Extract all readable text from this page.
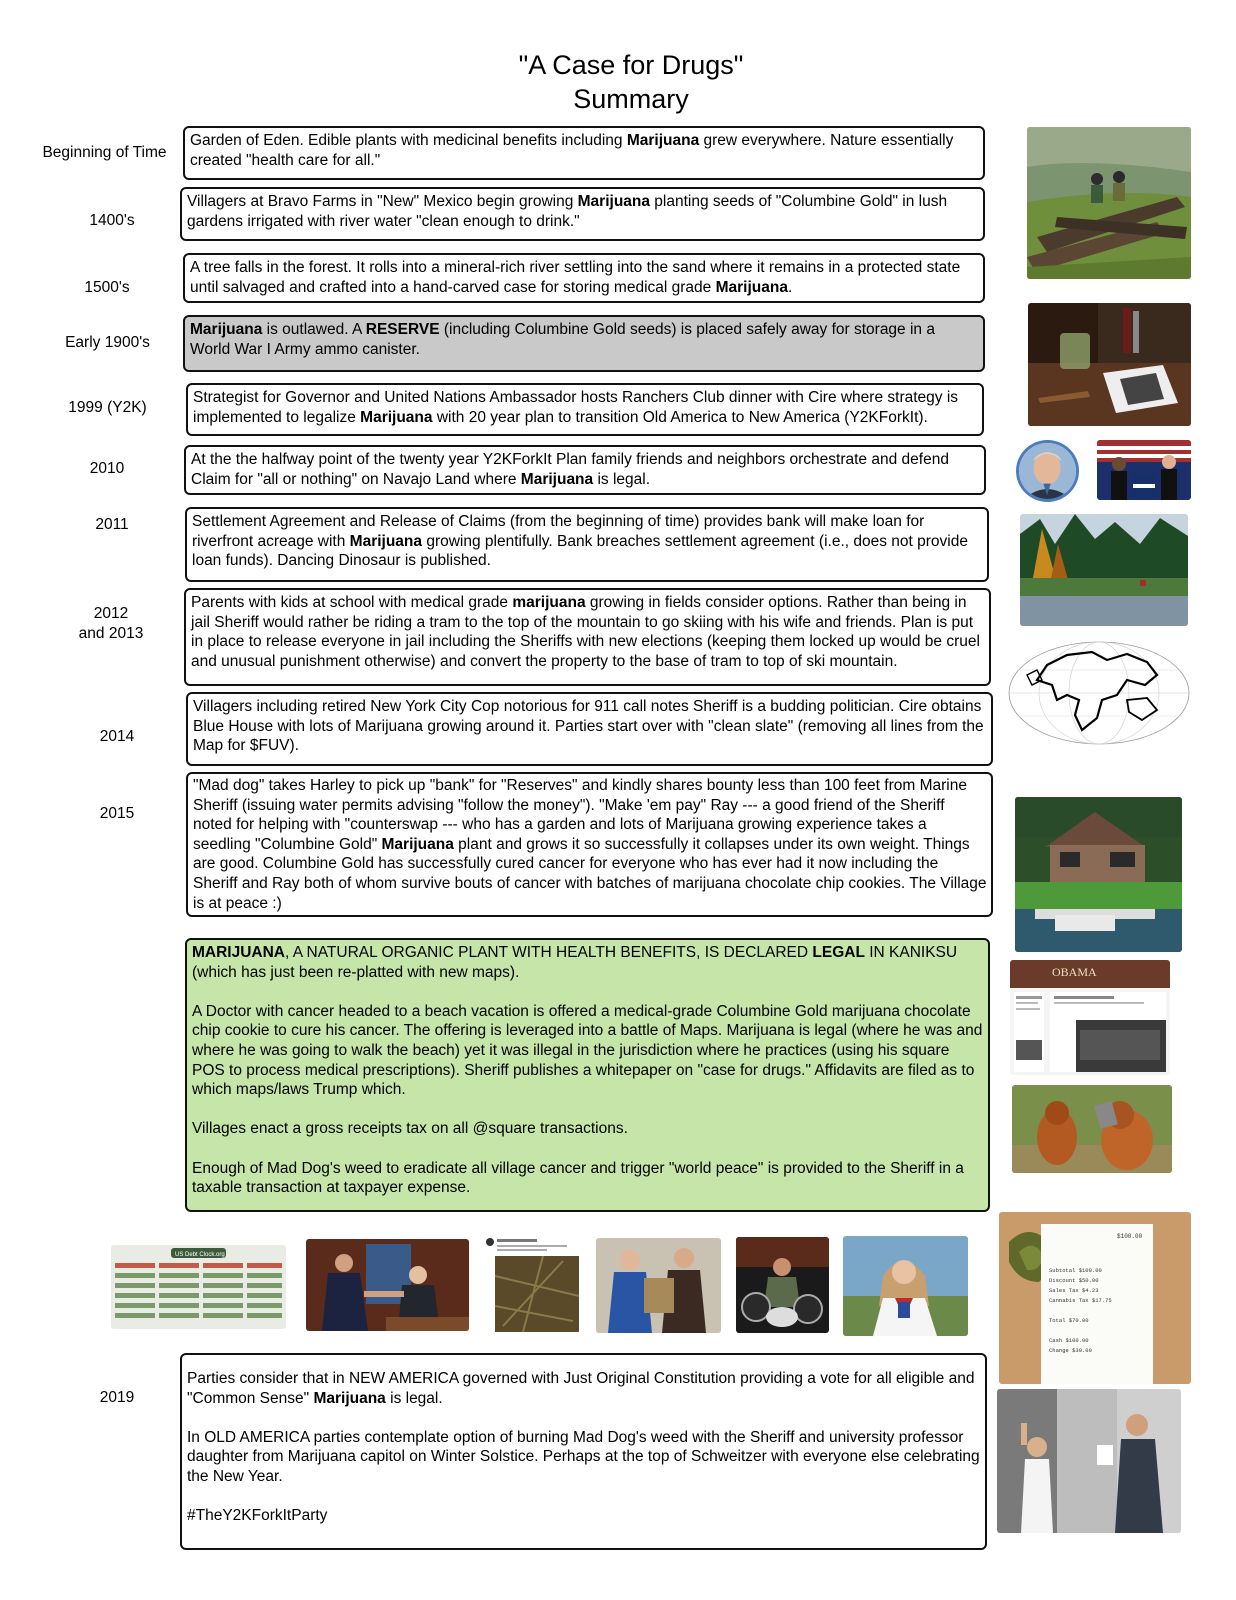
"A Case for Drugs"
Summary
Beginning of Time
1400's
1500's
Early 1900's
1999 (Y2K)
2010
2011
2012
and 2013
2014
2015
2019

Garden of Eden. Edible plants with medicinal benefits including Marijuana grew everywhere. Nature essentially created "health care for all."

Villagers at Bravo Farms in "New" Mexico begin growing Marijuana planting seeds of "Columbine Gold" in lush gardens irrigated with river water "clean enough to drink."

A tree falls in the forest. It rolls into a mineral-rich river settling into the sand where it remains in a protected state until salvaged and crafted into a hand-carved case for storing medical grade Marijuana.

Marijuana is outlawed. A RESERVE (including Columbine Gold seeds) is placed safely away for storage in a World War I Army ammo canister.

Strategist for Governor and United Nations Ambassador hosts Ranchers Club dinner with Cire where strategy is implemented to legalize Marijuana with 20 year plan to transition Old America to New America (Y2KForkIt).

At the the halfway point of the twenty year Y2KForkIt Plan family friends and neighbors orchestrate and defend Claim for "all or nothing" on Navajo Land where Marijuana is legal.

Settlement Agreement and Release of Claims (from the beginning of time) provides bank will make loan for riverfront acreage with Marijuana growing plentifully. Bank breaches settlement agreement (i.e., does not provide loan funds). Dancing Dinosaur is published.

Parents with kids at school with medical grade marijuana growing in fields consider options. Rather than being in jail Sheriff would rather be riding a tram to the top of the mountain to go skiing with his wife and friends. Plan is put in place to release everyone in jail including the Sheriffs with new elections (keeping them locked up would be cruel and unusual punishment otherwise) and convert the property to the base of tram to top of ski mountain.

Villagers including retired New York City Cop notorious for 911 call notes Sheriff is a budding politician. Cire obtains Blue House with lots of Marijuana growing around it. Parties start over with "clean slate" (removing all lines from the Map for $FUV).

"Mad dog" takes Harley to pick up "bank" for "Reserves" and kindly shares bounty less than 100 feet from Marine Sheriff (issuing water permits advising "follow the money"). "Make 'em pay" Ray --- a good friend of the Sheriff noted for helping with "counterswap --- who has a garden and lots of Marijuana growing experience takes a seedling "Columbine Gold" Marijuana plant and grows it so successfully it collapses under its own weight. Things are good. Columbine Gold has successfully cured cancer for everyone who has ever had it now including the Sheriff and Ray both of whom survive bouts of cancer with batches of marijuana chocolate chip cookies. The Village is at peace :)

MARIJUANA, A NATURAL ORGANIC PLANT WITH HEALTH BENEFITS, IS DECLARED LEGAL IN KANIKSU (which has just been re-platted with new maps).

A Doctor with cancer headed to a beach vacation is offered a medical-grade Columbine Gold marijuana chocolate chip cookie to cure his cancer. The offering is leveraged into a battle of Maps. Marijuana is legal (where he was and where he was going to walk the beach) yet it was illegal in the jurisdiction where he practices (using his square POS to process medical prescriptions). Sheriff publishes a whitepaper on "case for drugs." Affidavits are filed as to which maps/laws Trump which.

Villages enact a gross receipts tax on all @square transactions.

Enough of Mad Dog's weed to eradicate all village cancer and trigger "world peace" is provided to the Sheriff in a taxable transaction at taxpayer expense.

Parties consider that in NEW AMERICA governed with Just Original Constitution providing a vote for all eligible and "Common Sense" Marijuana is legal.

In OLD AMERICA parties contemplate option of burning Mad Dog's weed with the Sheriff and university professor daughter from Marijuana capitol on Winter Solstice. Perhaps at the top of Schweitzer with everyone else celebrating the New Year.

#TheY2KForkItParty

OBAMA
$100.00
Subtotal $100.00
Discount $50.00
Sales Tax $4.23
Cannabis Tax $17.75
Total $70.00
Cash $100.00
Change $30.00
US Debt Clock.org
